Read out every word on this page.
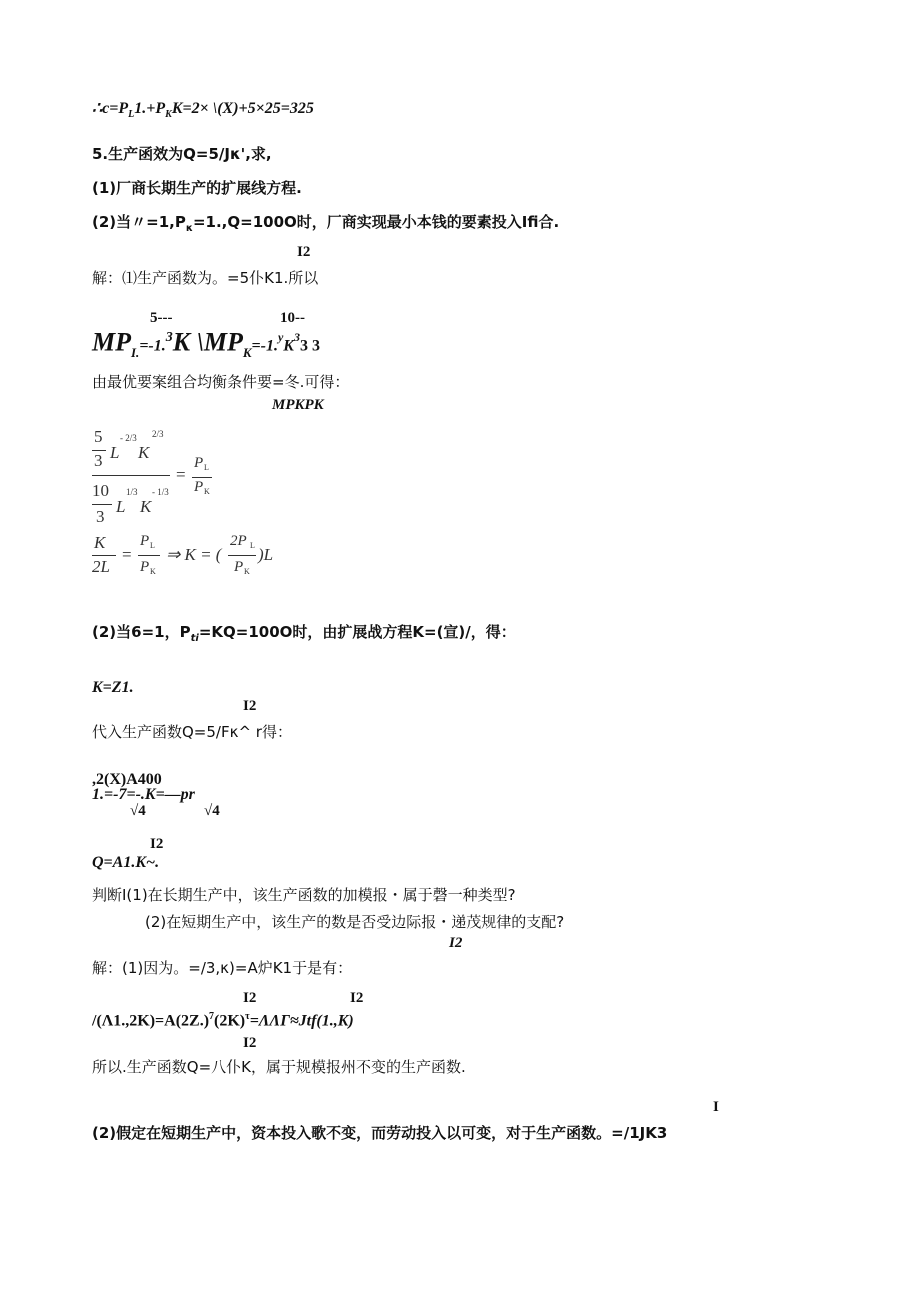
$\therefore c=P_L1.+P_KK=2\times$ \(X)+5×25=325
5.生产函效为Q=5/Jκ',求,
(1)厂商长期生产的扩展线方程.
(2)当〃$=1,P_\kappa=1.,Q=100O$时，厂商实现最小本钱的要素投入Ifi合.
I2
解：⑴生产函数为。=5仆K1.所以
5---	10--
$MP_{I.}=-1.^3K$ $\backslash MP_K=-1.^yK^33$ 3
由最优要案组合均衡条件要=冬.可得：
MPKPK
5
3 L
- 2/3
K
2/3
10
3
L
1/3
K
- 1/3
=
P L
P K
K
2L
=
P L
P K
⇒ K = (
2P L
P K
)L
(2)当6=1，$P_{ti}=KQ=100O$时，由扩展战方程K=(宣)/，得：
K=Z1.
I2
代入生产函数Q=5/Fκ^ r得：
,2(X)A400
1.=-7=-.K=—pr
√4	√4
I2
Q=A1.K~.
判断I(1)在长期生产中，该生产函数的加模报・属于磬一种类型?
(2)在短期生产中，该生产的数是否受边际报・递茂规律的支配?
I2
解：(1)因为。=/3,κ)=A炉K1于是有：
I2	I2
$/(\Lambda 1.,2K)=A(2Z.)^7(2K)^\tau=\Lambda\Lambda\Gamma\approx Jtf(1.,K)$
I2
所以.生产函数Q=八仆K，属于规模报州不变的生产函数.
I
(2)假定在短期生产中，资本投入歌不变，而劳动投入以可变，对于生产函数。=/1JK3
